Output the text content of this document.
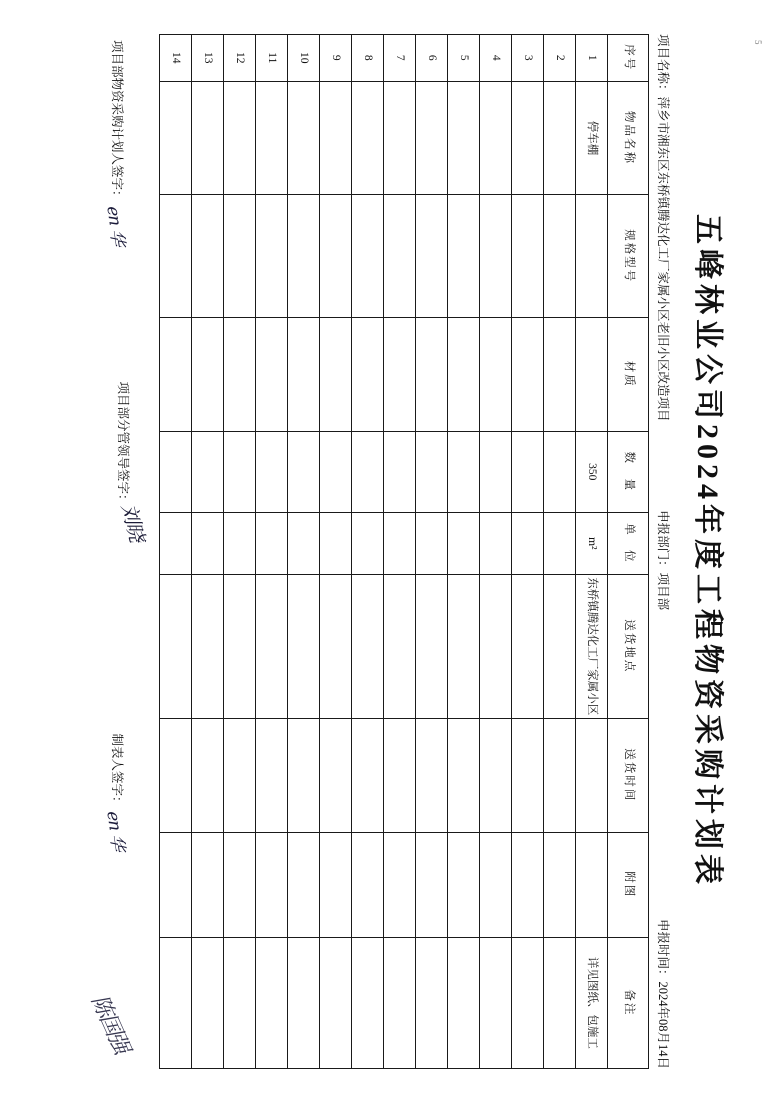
5
五峰林业公司2024年度工程物资采购计划表
项目名称：萍乡市湘东区东桥镇腾达化工厂家属小区老旧小区改造项目
申报部门：项目部
申报时间：2024年08月14日
序号	物品名称	规格型号	材质	数　量	单　位	送货地点	送货时间	附图	备注
1	停车棚			350	m²	东桥镇腾达化工厂家属小区			详见图纸、包施工
2									
3									
4									
5									
6									
7									
8									
9									
10									
11									
12									
13									
14									
项目部物资采购计划人签字：en 华
项目部分管领导签字：
刘晓
制表人签字：en 华
陈国强
